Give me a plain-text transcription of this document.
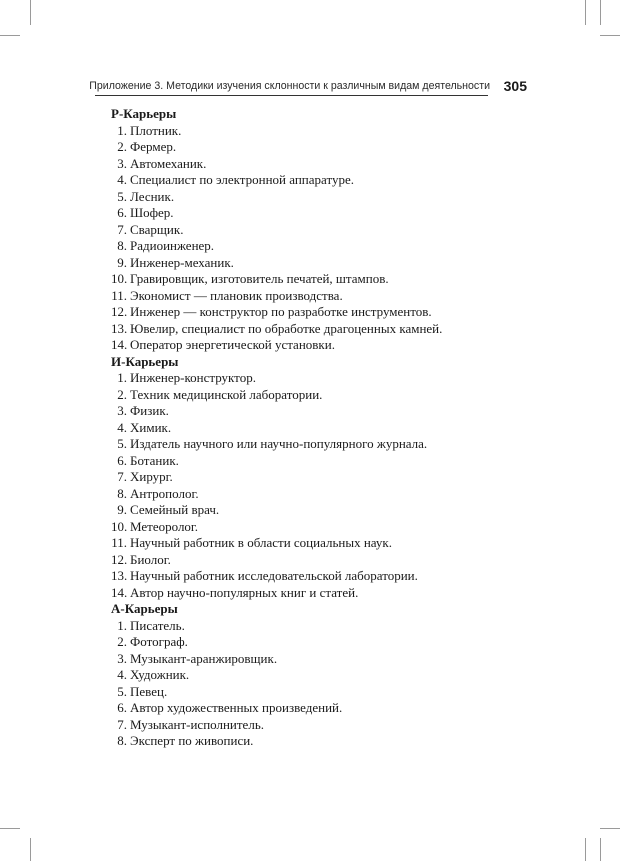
Приложение 3. Методики изучения склонности к различным видам деятельности 305
Р-Карьеры
1. Плотник.
2. Фермер.
3. Автомеханик.
4. Специалист по электронной аппаратуре.
5. Лесник.
6. Шофер.
7. Сварщик.
8. Радиоинженер.
9. Инженер-механик.
10. Гравировщик, изготовитель печатей, штампов.
11. Экономист — плановик производства.
12. Инженер — конструктор по разработке инструментов.
13. Ювелир, специалист по обработке драгоценных камней.
14. Оператор энергетической установки.
И-Карьеры
1. Инженер-конструктор.
2. Техник медицинской лаборатории.
3. Физик.
4. Химик.
5. Издатель научного или научно-популярного журнала.
6. Ботаник.
7. Хирург.
8. Антрополог.
9. Семейный врач.
10. Метеоролог.
11. Научный работник в области социальных наук.
12. Биолог.
13. Научный работник исследовательской лаборатории.
14. Автор научно-популярных книг и статей.
А-Карьеры
1. Писатель.
2. Фотограф.
3. Музыкант-аранжировщик.
4. Художник.
5. Певец.
6. Автор художественных произведений.
7. Музыкант-исполнитель.
8. Эксперт по живописи.
